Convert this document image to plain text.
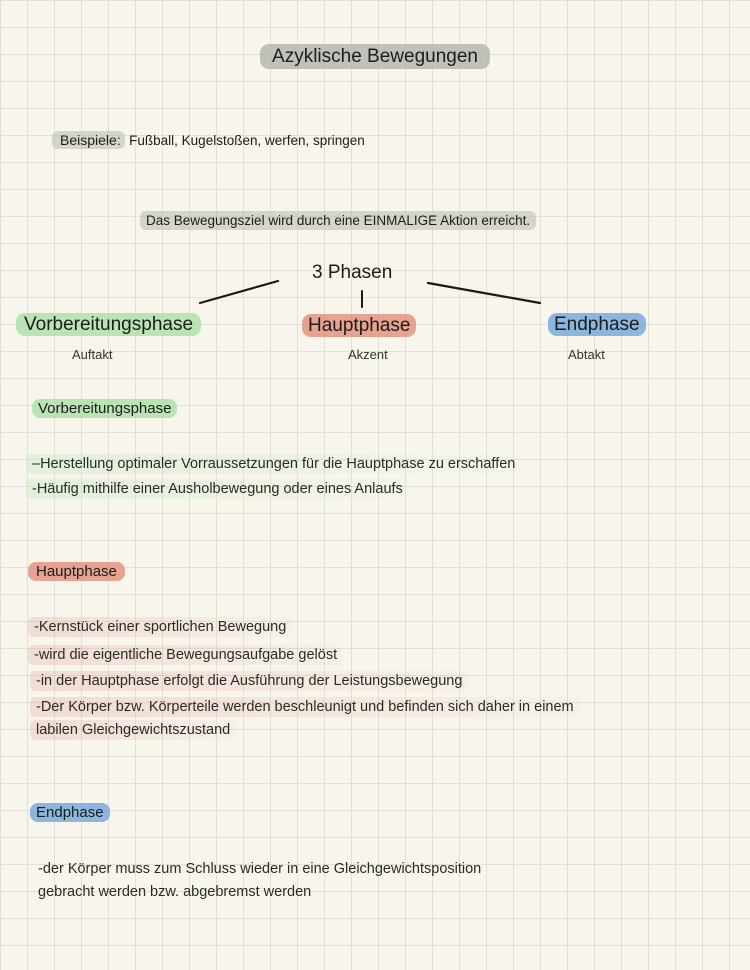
Azyklische Bewegungen
Beispiele: Fußball, Kugelstoßen, werfen, springen
Das Bewegungsziel wird durch eine EINMALIGE Aktion erreicht.
3 Phasen
Vorbereitungsphase
Auftakt
Hauptphase
Akzent
Endphase
Abtakt
Vorbereitungsphase
–Herstellung optimaler Vorraussetzungen für die Hauptphase zu erschaffen
-Häufig mithilfe einer Ausholbewegung oder eines Anlaufs
Hauptphase
-Kernstück einer sportlichen Bewegung
-wird die eigentliche Bewegungsaufgabe gelöst
-in der Hauptphase erfolgt die Ausführung der Leistungsbewegung
-Der Körper bzw. Körperteile werden beschleunigt und befinden sich daher in einem
labilen Gleichgewichtszustand
Endphase
-der Körper muss zum Schluss wieder in eine Gleichgewichtsposition
gebracht werden bzw. abgebremst werden
